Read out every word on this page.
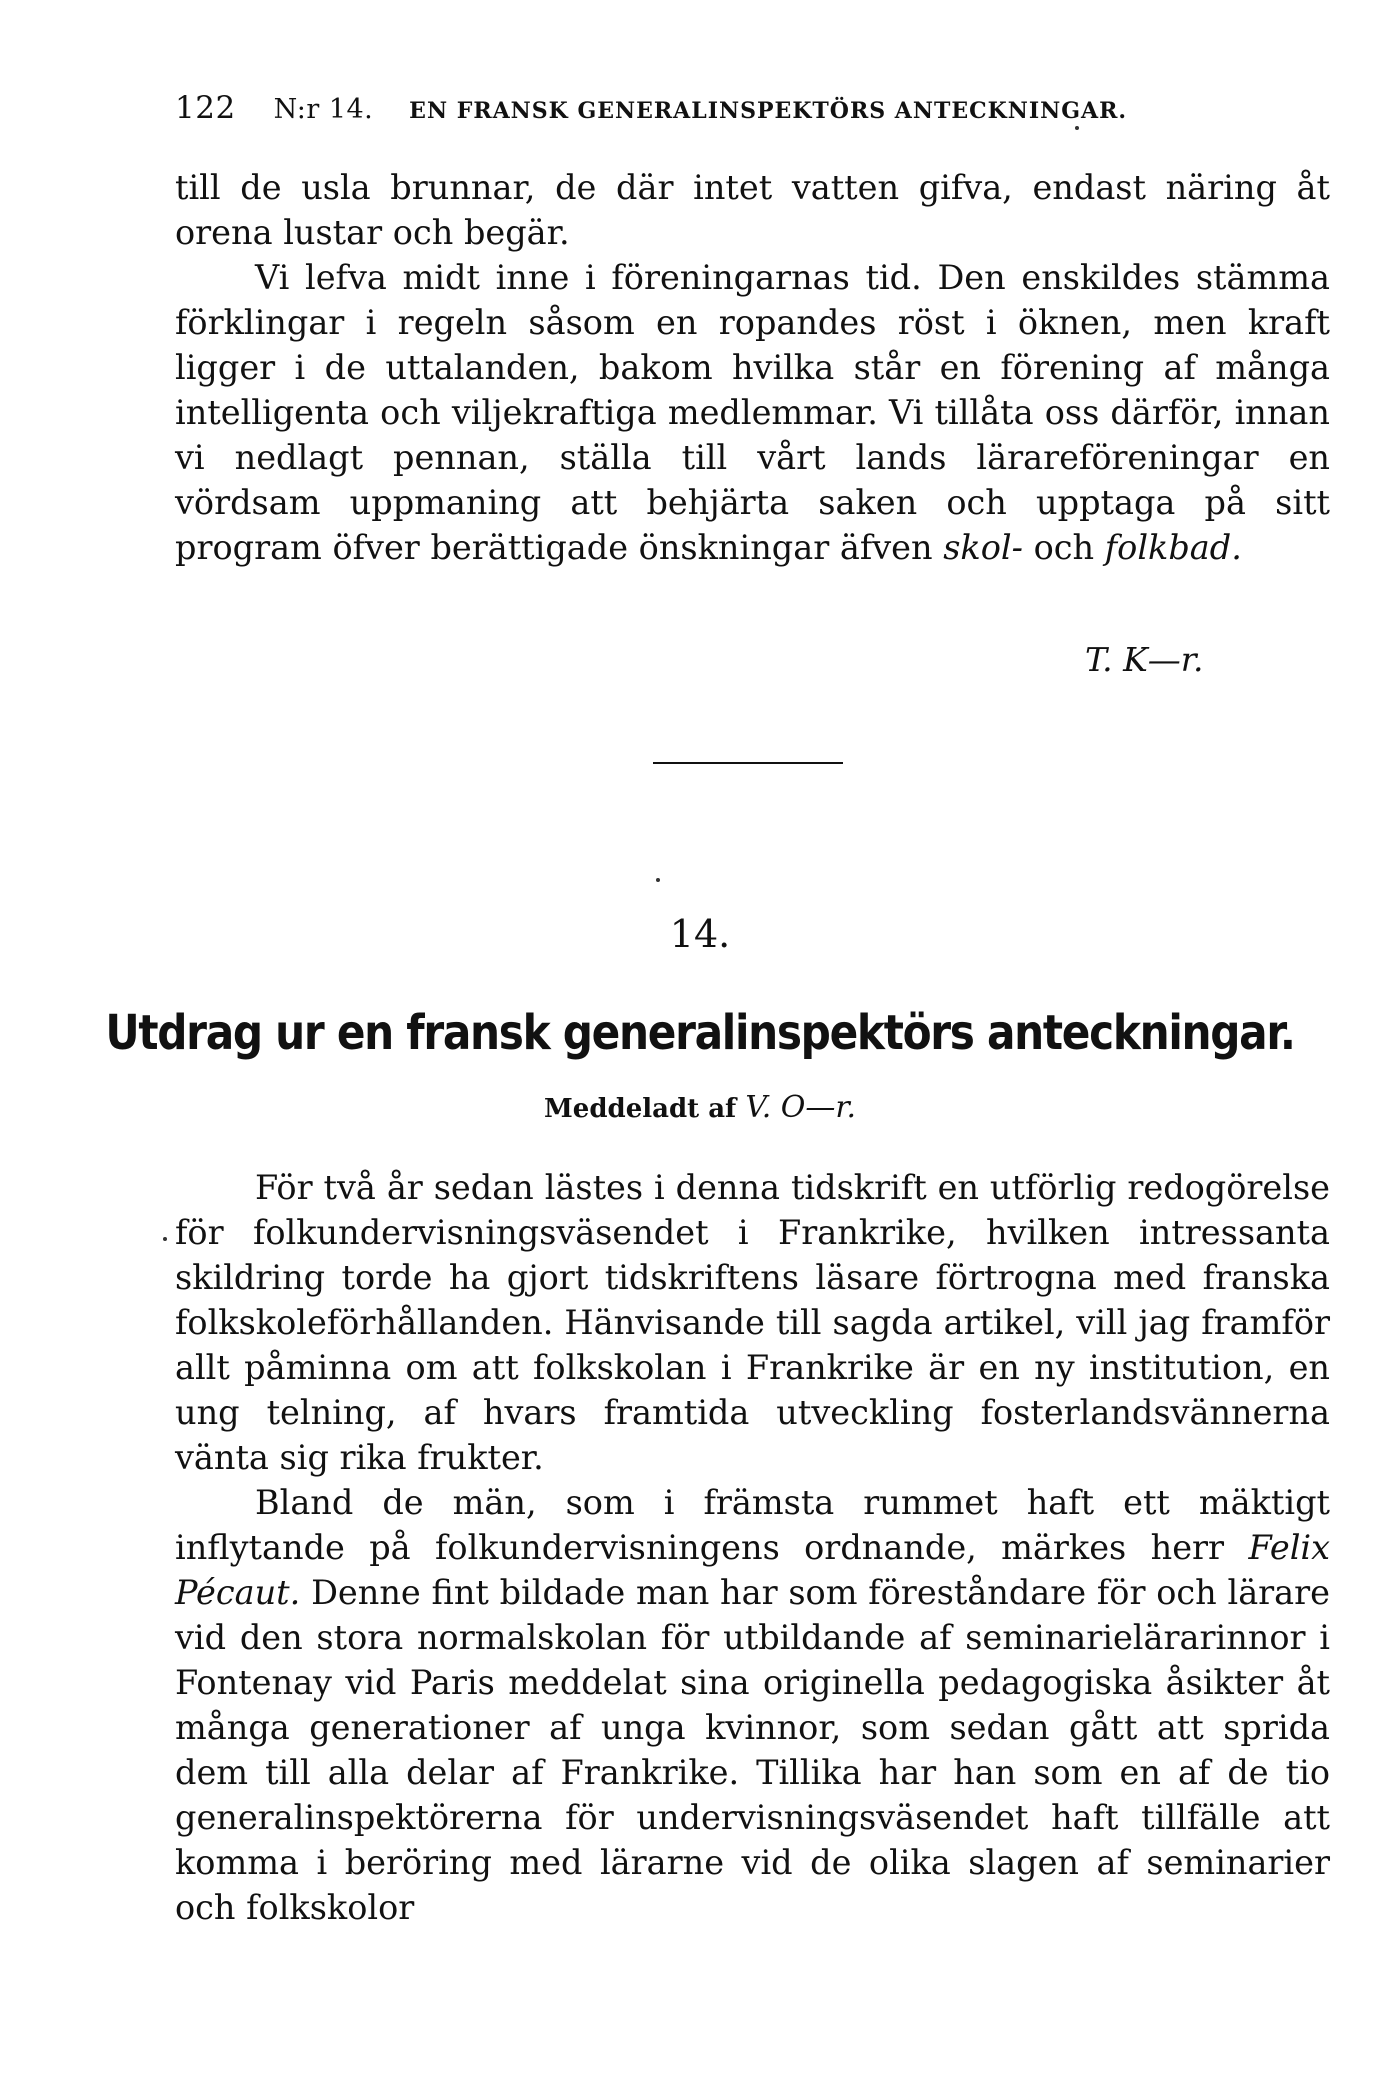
122 N:r 14. EN FRANSK GENERALINSPEKTÖRS ANTECKNINGAR.

till de usla brunnar, de där intet vatten gifva, endast näring åt orena lustar och begär.

Vi lefva midt inne i föreningarnas tid. Den enskildes stämma förklingar i regeln såsom en ropandes röst i öknen, men kraft ligger i de uttalanden, bakom hvilka står en förening af många intelligenta och viljekraftiga medlemmar. Vi tillåta oss därför, innan vi nedlagt pennan, ställa till vårt lands lärareföreningar en vördsam uppmaning att behjärta saken och upptaga på sitt program öfver berättigade önskningar äfven skol- och folkbad.

T. K—r.
14.
Utdrag ur en fransk generalinspektörs anteckningar.
Meddeladt af V. O—r.

För två år sedan lästes i denna tidskrift en utförlig redogörelse för folkundervisningsväsendet i Frankrike, hvilken intressanta skildring torde ha gjort tidskriftens läsare förtrogna med franska folkskoleförhållanden. Hänvisande till sagda artikel, vill jag framför allt påminna om att folkskolan i Frankrike är en ny institution, en ung telning, af hvars framtida utveckling fosterlandsvännerna vänta sig rika frukter.

Bland de män, som i främsta rummet haft ett mäktigt inflytande på folkundervisningens ordnande, märkes herr Felix Pécaut. Denne fint bildade man har som föreståndare för och lärare vid den stora normalskolan för utbildande af seminarielärarinnor i Fontenay vid Paris meddelat sina originella pedagogiska åsikter åt många generationer af unga kvinnor, som sedan gått att sprida dem till alla delar af Frankrike. Tillika har han som en af de tio generalinspektörerna för undervisningsväsendet haft tillfälle att komma i beröring med lärarne vid de olika slagen af seminarier och folkskolor
